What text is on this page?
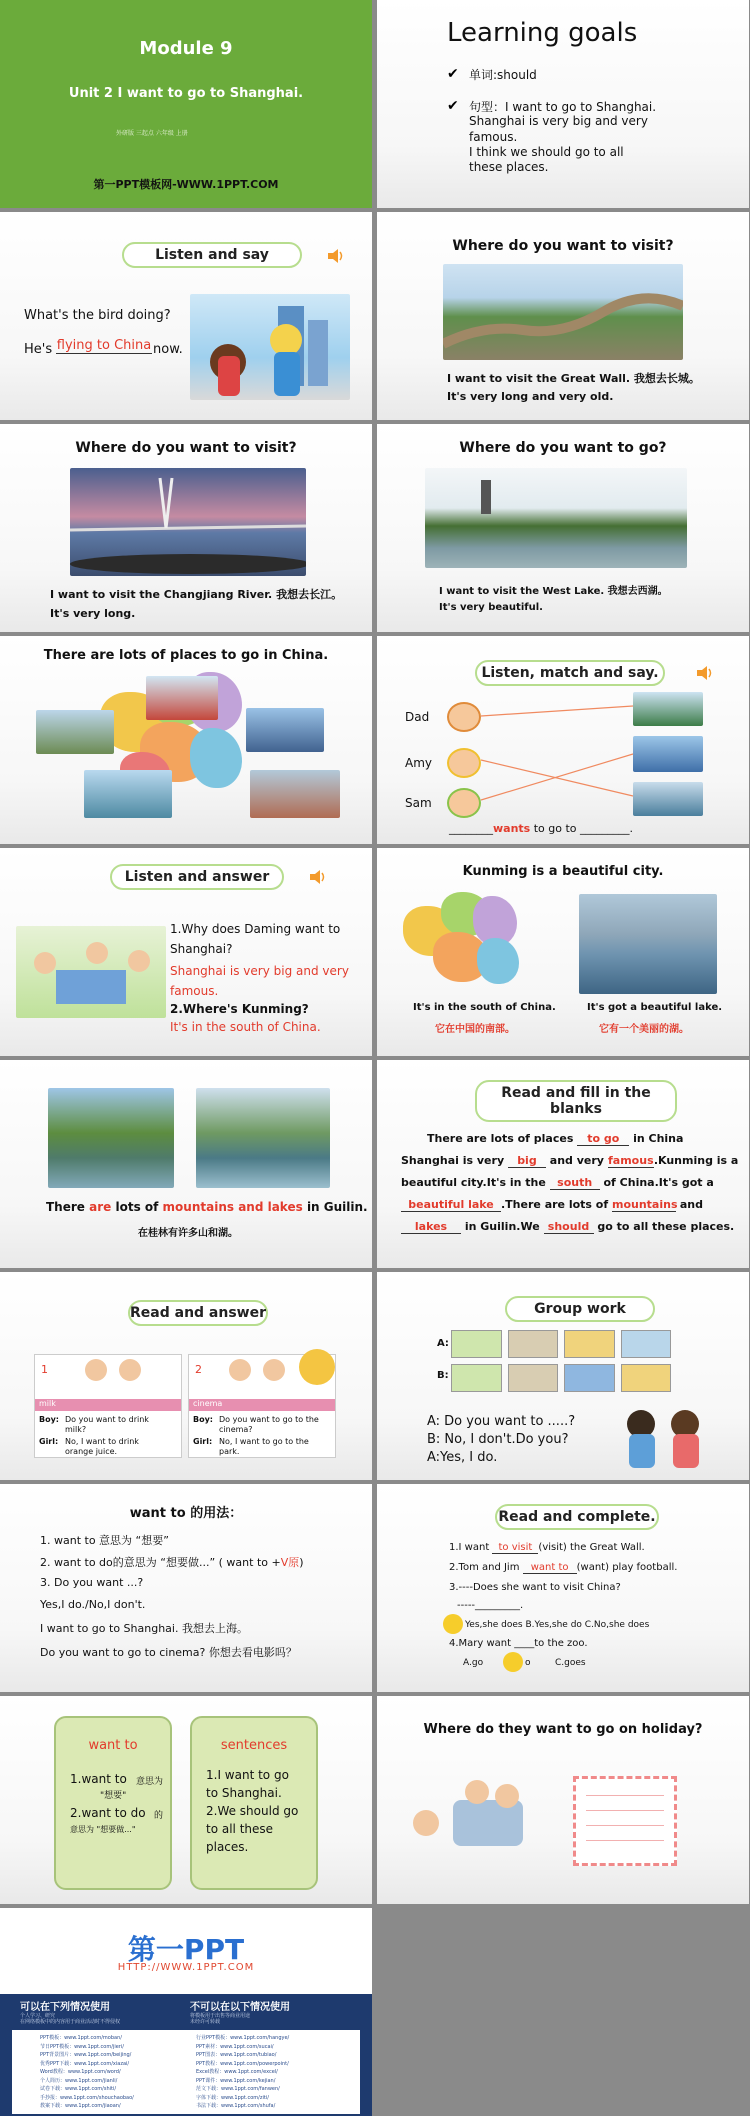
Module 9
Unit 2 I want to go to Shanghai.
外研版 三起点 六年级 上册
第一PPT模板网-WWW.1PPT.COM
Learning goals
✔ 单词:should
✔ 句型：I want to go to Shanghai.
Shanghai is very big and very
famous.
I think we should go to all
these places.
Listen and say
What's the bird doing?
He's flying to China now.
Where do you want to visit?
I want to visit the Great Wall. 我想去长城。
It's very long and very old.
Where do you want to visit?
I want to visit the Changjiang River. 我想去长江。
It's very long.
Where do you want to go?
I want to visit the West Lake. 我想去西湖。
It's very beautiful.
There are lots of places to go in China.
Listen, match and say.
Dad
Amy
Sam
________wants to go to _________.
Listen and answer
1.Why does Daming want to
Shanghai?
Shanghai is very big and very
famous.
2.Where's Kunming?
It's in the south of China.
Kunming is a beautiful city.
It's in the south of China.
它在中国的南部。
It's got a beautiful lake.
它有一个美丽的湖。
There are lots of mountains and lakes in Guilin.
在桂林有许多山和湖。
Read and fill in the blanks
There are lots of places to go in China
Shanghai is very big and very famous.Kunming is a
beautiful city.It's in the south of China.It's got a
beautiful lake .There are lots of mountains and
lakes in Guilin.We should go to all these places.
Read and answer
1
milk
Boy: Do you want to drink
milk?
Girl: No, I want to drink
orange juice.
2
cinema
Boy: Do you want to go to the
cinema?
Girl: No, I want to go to the
park.
Group work
A:
B:
A: Do you want to .....?
B: No, I don't.Do you?
A:Yes, I do.
want to 的用法：
1. want to 意思为 “想要”
2. want to do的意思为 “想要做...” ( want to +V原)
3. Do you want ...?
Yes,I do./No,I don't.
I want to go to Shanghai. 我想去上海。
Do you want to go to cinema? 你想去看电影吗？
Read and complete.
1.I want to visit (visit) the Great Wall.
2.Tom and Jim want to (want) play football.
3.----Does she want to visit China?
-----_________.
Yes,she does B.Yes,she do C.No,she does
4.Mary want ____to the zoo.
A.go	o	C.goes
want to
1.want to 意思为
"想要"
2.want to do 的
意思为 "想要做..."
sentences
1.I want to go
to Shanghai.
2.We should go
to all these
places.
Where do they want to go on holiday?
第一PPT
HTTP://WWW.1PPT.COM
可以在下列情况使用	不可以在以下情况使用
个人学习、研究
在网络模板中的内容用于商业活动时不得侵权
将模板用于出售等商业用途
未经许可转载
PPT模板：www.1ppt.com/moban/
节日PPT模板：www.1ppt.com/jieri/
PPT背景图片：www.1ppt.com/beijing/
优秀PPT下载：www.1ppt.com/xiazai/
Word教程：www.1ppt.com/word/
个人简历：www.1ppt.com/jianli/
试卷下载：www.1ppt.com/shiti/
手抄报：www.1ppt.com/shouchaobao/
教案下载：www.1ppt.com/jiaoan/
行业PPT模板：www.1ppt.com/hangye/
PPT素材：www.1ppt.com/sucai/
PPT图表：www.1ppt.com/tubiao/
PPT教程：www.1ppt.com/powerpoint/
Excel教程：www.1ppt.com/excel/
PPT课件：www.1ppt.com/kejian/
范文下载：www.1ppt.com/fanwen/
字体下载：www.1ppt.com/ziti/
书法下载：www.1ppt.com/shufa/
